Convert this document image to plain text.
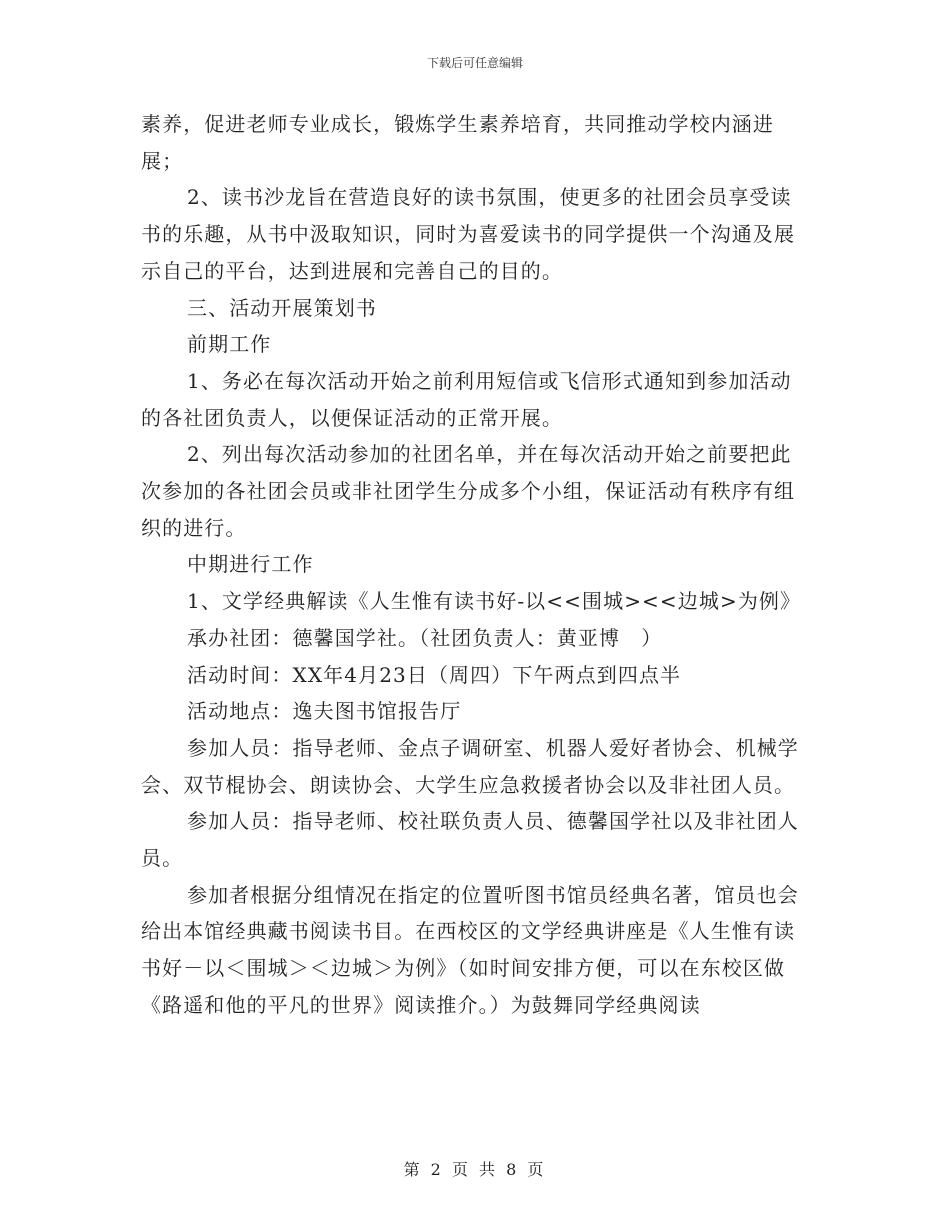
下载后可任意编辑

素养，促进老师专业成长，锻炼学生素养培育，共同推动学校内涵进展；

2、读书沙龙旨在营造良好的读书氛围，使更多的社团会员享受读书的乐趣，从书中汲取知识，同时为喜爱读书的同学提供一个沟通及展示自己的平台，达到进展和完善自己的目的。

三、活动开展策划书

前期工作

1、务必在每次活动开始之前利用短信或飞信形式通知到参加活动的各社团负责人，以便保证活动的正常开展。

2、列出每次活动参加的社团名单，并在每次活动开始之前要把此次参加的各社团会员或非社团学生分成多个小组，保证活动有秩序有组织的进行。

中期进行工作

1、文学经典解读《人生惟有读书好-以<<围城><<边城>为例》

承办社团：德馨国学社。（社团负责人：黄亚博　）

活动时间：XX年4月23日（周四）下午两点到四点半

活动地点：逸夫图书馆报告厅

参加人员：指导老师、金点子调研室、机器人爱好者协会、机械学会、双节棍协会、朗读协会、大学生应急救援者协会以及非社团人员。

参加人员：指导老师、校社联负责人员、德馨国学社以及非社团人员。

参加者根据分组情况在指定的位置听图书馆员经典名著，馆员也会给出本馆经典藏书阅读书目。在西校区的文学经典讲座是《人生惟有读书好－以＜围城＞＜边城＞为例》（如时间安排方便，可以在东校区做《路遥和他的平凡的世界》阅读推介。）为鼓舞同学经典阅读

第 2 页 共 8 页
